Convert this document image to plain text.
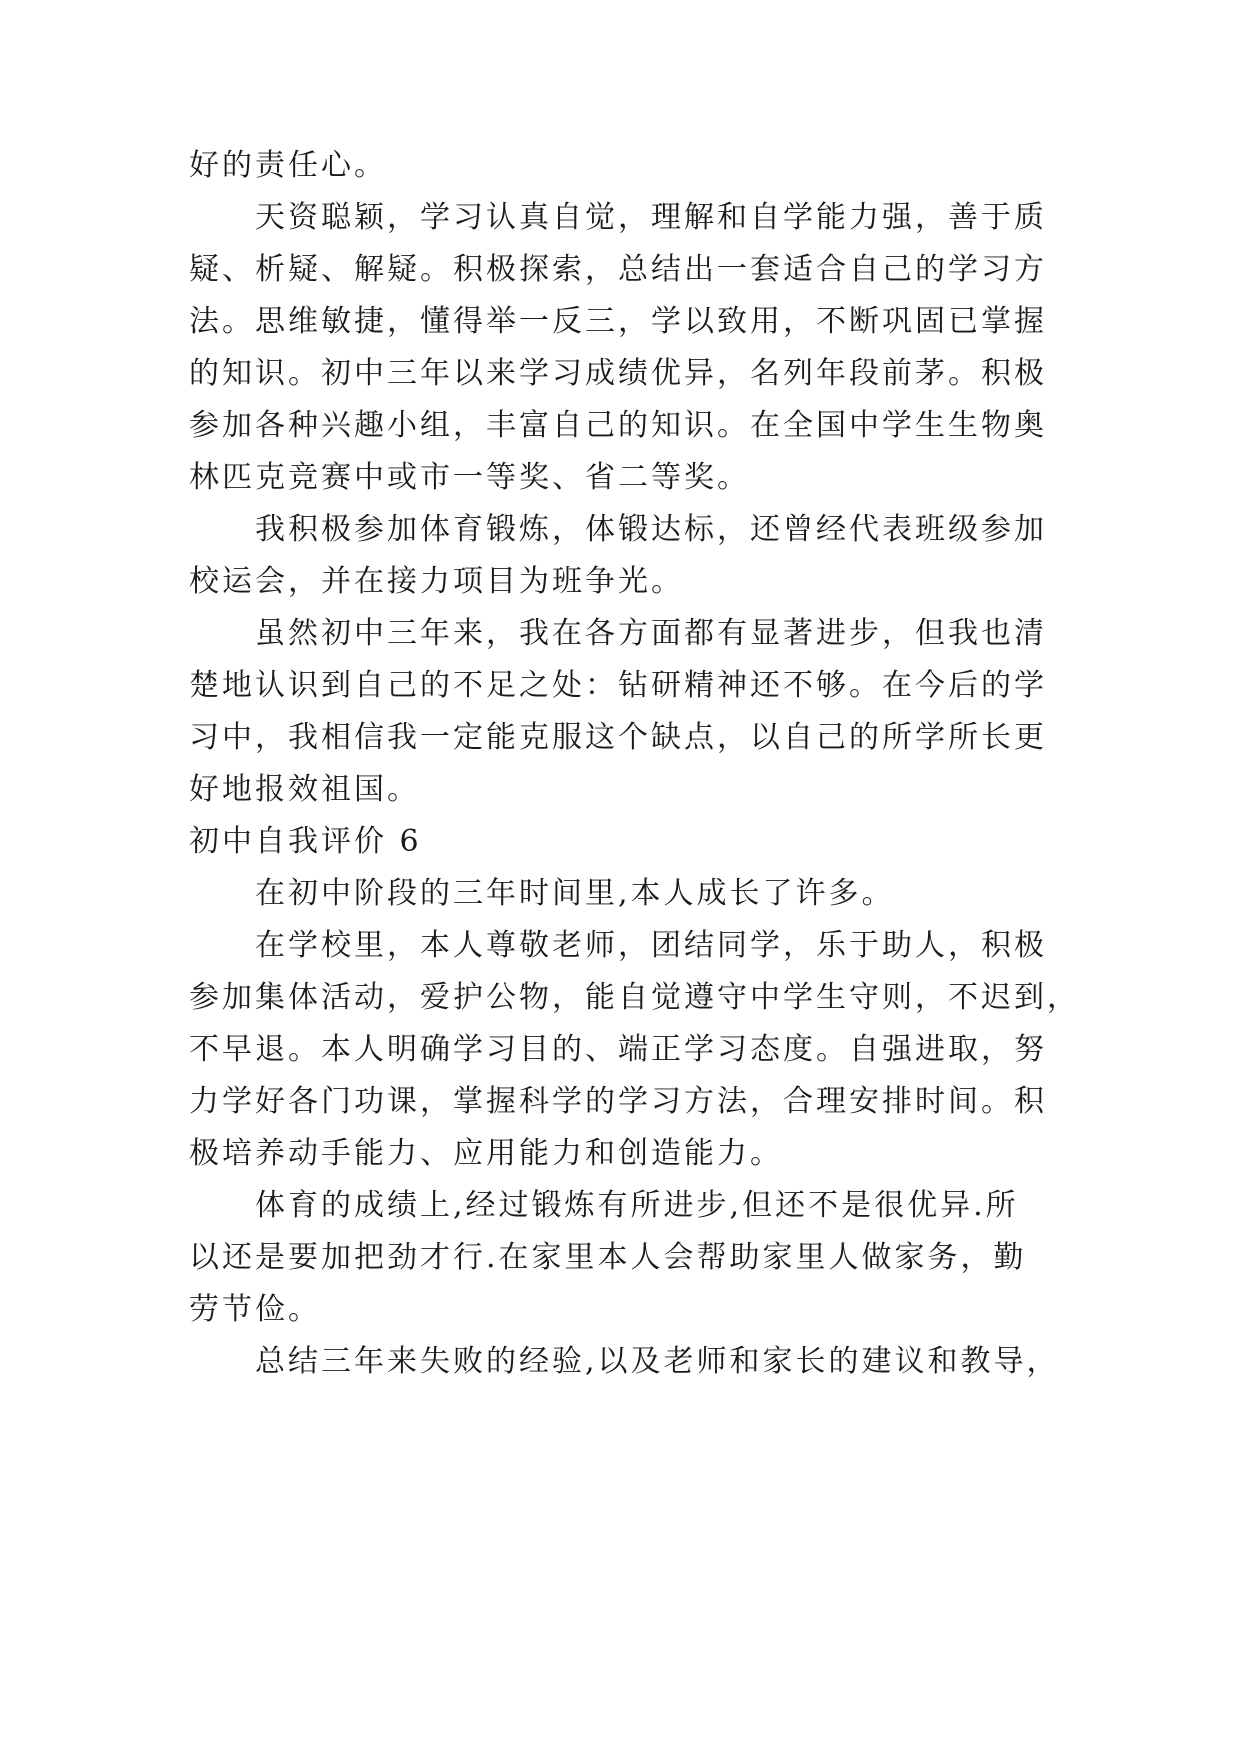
好的责任心。

天资聪颖，学习认真自觉，理解和自学能力强，善于质

疑、析疑、解疑。积极探索，总结出一套适合自己的学习方

法。思维敏捷，懂得举一反三，学以致用，不断巩固已掌握

的知识。初中三年以来学习成绩优异，名列年段前茅。积极

参加各种兴趣小组，丰富自己的知识。在全国中学生生物奥

林匹克竞赛中或市一等奖、省二等奖。

我积极参加体育锻炼，体锻达标，还曾经代表班级参加

校运会，并在接力项目为班争光。

虽然初中三年来，我在各方面都有显著进步，但我也清

楚地认识到自己的不足之处：钻研精神还不够。在今后的学

习中，我相信我一定能克服这个缺点，以自己的所学所长更

好地报效祖国。

初中自我评价 6

在初中阶段的三年时间里,本人成长了许多。

在学校里，本人尊敬老师，团结同学，乐于助人，积极

参加集体活动，爱护公物，能自觉遵守中学生守则，不迟到，

不早退。本人明确学习目的、端正学习态度。自强进取，努

力学好各门功课，掌握科学的学习方法，合理安排时间。积

极培养动手能力、应用能力和创造能力。

体育的成绩上,经过锻炼有所进步,但还不是很优异.所

以还是要加把劲才行.在家里本人会帮助家里人做家务，勤

劳节俭。

总结三年来失败的经验,以及老师和家长的建议和教导，
